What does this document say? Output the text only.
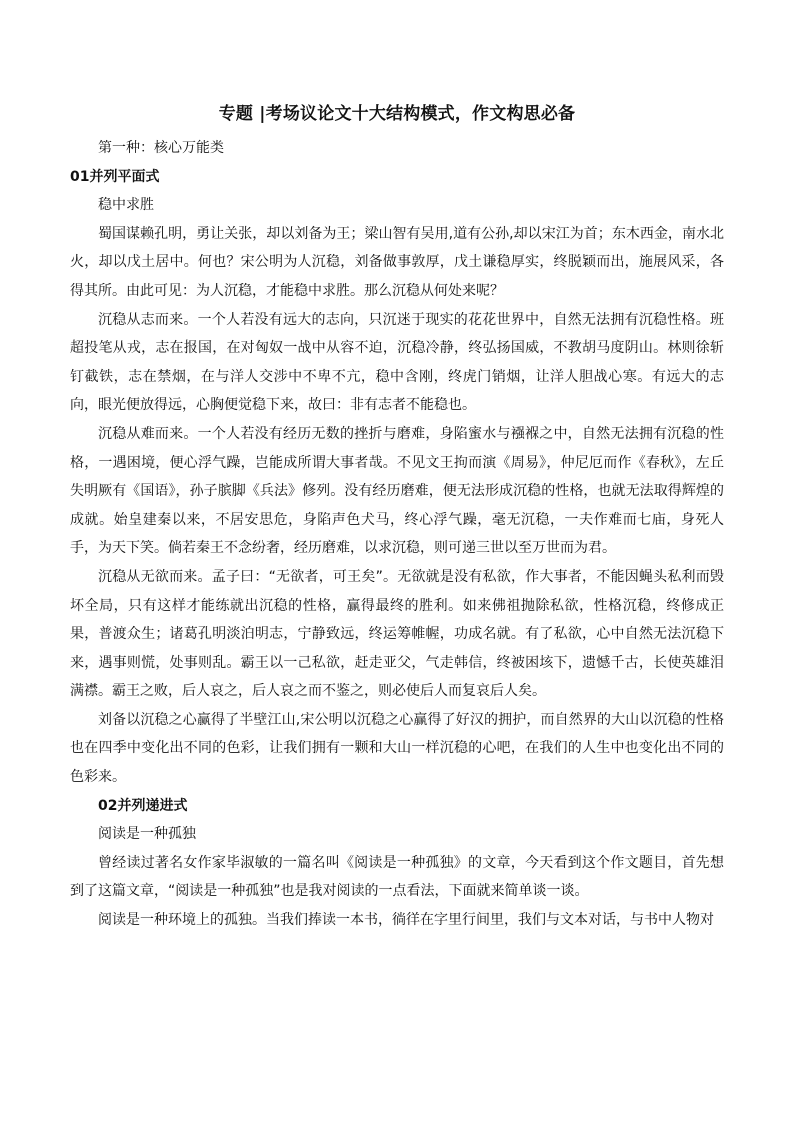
专题 |考场议论文十大结构模式，作文构思必备

第一种：核心万能类

01并列平面式

稳中求胜

蜀国谋赖孔明，勇让关张，却以刘备为王；梁山智有吴用,道有公孙,却以宋江为首；东木西金，南水北火，却以戊土居中。何也？宋公明为人沉稳，刘备做事敦厚，戊土谦稳厚实，终脱颖而出，施展风采，各得其所。由此可见：为人沉稳，才能稳中求胜。那么沉稳从何处来呢？

沉稳从志而来。一个人若没有远大的志向，只沉迷于现实的花花世界中，自然无法拥有沉稳性格。班超投笔从戎，志在报国，在对匈奴一战中从容不迫，沉稳冷静，终弘扬国威，不教胡马度阴山。林则徐斩钉截铁，志在禁烟，在与洋人交涉中不卑不亢，稳中含刚，终虎门销烟，让洋人胆战心寒。有远大的志向，眼光便放得远，心胸便觉稳下来，故曰：非有志者不能稳也。

沉稳从难而来。一个人若没有经历无数的挫折与磨难，身陷蜜水与襁褓之中，自然无法拥有沉稳的性格，一遇困境，便心浮气躁，岂能成所谓大事者哉。不见文王拘而演《周易》，仲尼厄而作《春秋》，左丘失明厥有《国语》，孙子膑脚《兵法》修列。没有经历磨难，便无法形成沉稳的性格，也就无法取得辉煌的成就。始皇建秦以来，不居安思危，身陷声色犬马，终心浮气躁，毫无沉稳，一夫作难而七庙，身死人手，为天下笑。倘若秦王不念纷奢，经历磨难，以求沉稳，则可递三世以至万世而为君。

沉稳从无欲而来。孟子曰：“无欲者，可王矣”。无欲就是没有私欲，作大事者，不能因蝇头私利而毁坏全局，只有这样才能练就出沉稳的性格，赢得最终的胜利。如来佛祖抛除私欲，性格沉稳，终修成正果，普渡众生；诸葛孔明淡泊明志，宁静致远，终运筹帷幄，功成名就。有了私欲，心中自然无法沉稳下来，遇事则慌，处事则乱。霸王以一己私欲，赶走亚父，气走韩信，终被困垓下，遗憾千古，长使英雄泪满襟。霸王之败，后人哀之，后人哀之而不鉴之，则必使后人而复哀后人矣。

刘备以沉稳之心赢得了半壁江山,宋公明以沉稳之心赢得了好汉的拥护，而自然界的大山以沉稳的性格也在四季中变化出不同的色彩，让我们拥有一颗和大山一样沉稳的心吧，在我们的人生中也变化出不同的色彩来。

02并列递进式

阅读是一种孤独

曾经读过著名女作家毕淑敏的一篇名叫《阅读是一种孤独》的文章，今天看到这个作文题目，首先想到了这篇文章，“阅读是一种孤独”也是我对阅读的一点看法，下面就来简单谈一谈。

阅读是一种环境上的孤独。当我们捧读一本书，徜徉在字里行间里，我们与文本对话，与书中人物对
